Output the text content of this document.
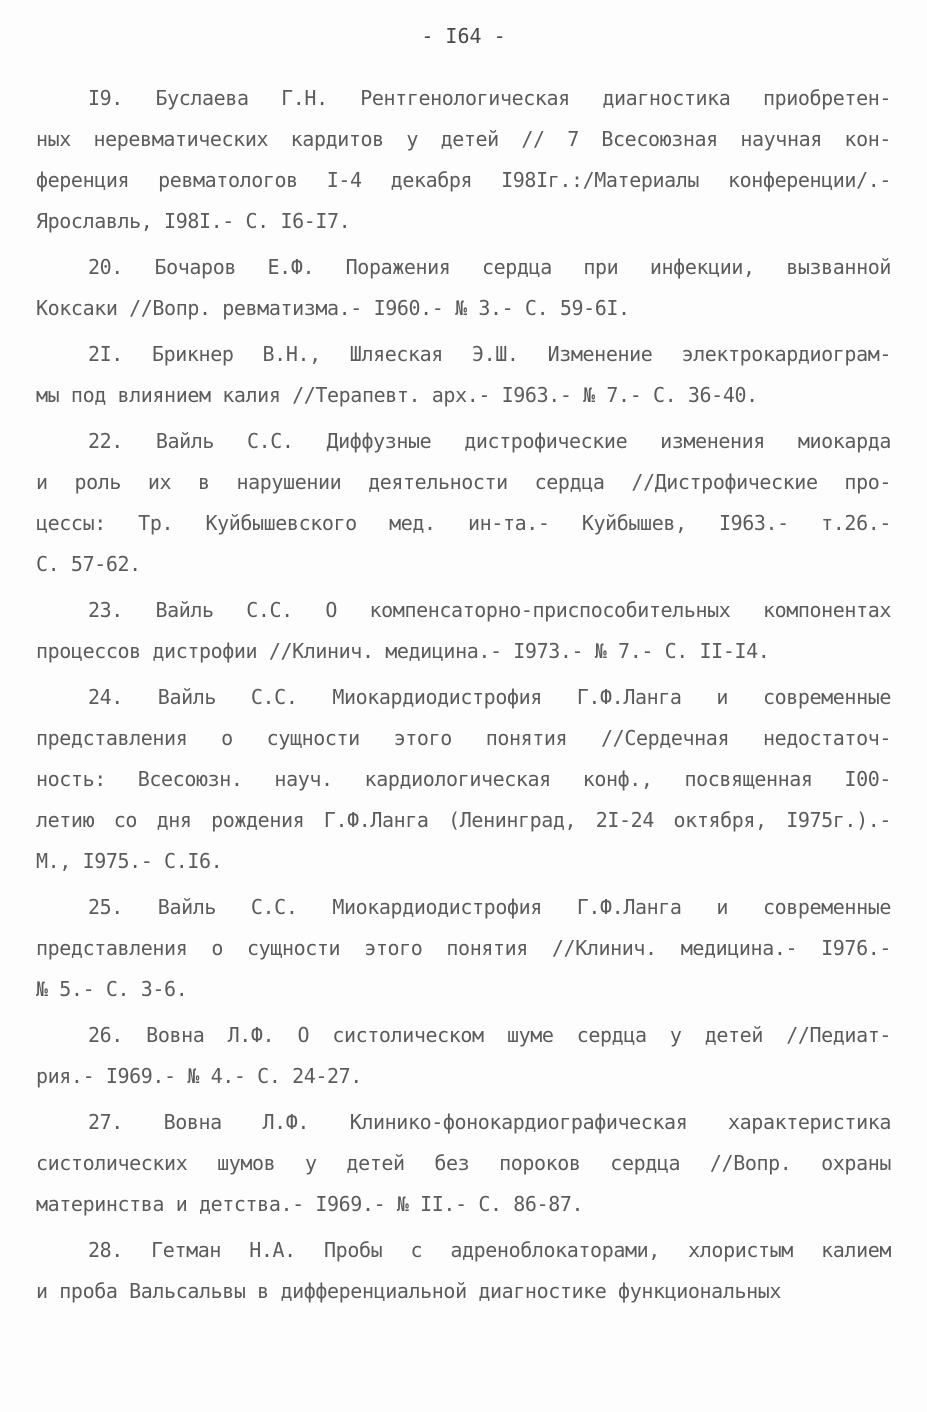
- I64 -
I9. Буслаева Г.Н. Рентгенологическая диагностика приобретен-
ных неревматических кардитов у детей // 7 Всесоюзная научная кон-
ференция ревматологов I-4 декабря I98Iг.:/Материалы конференции/.-
Ярославль, I98I.- С. I6-I7.
20. Бочаров Е.Ф. Поражения сердца при инфекции, вызванной
Коксаки //Вопр. ревматизма.- I960.- № 3.- С. 59-6I.
2I. Брикнер В.Н., Шляеская Э.Ш. Изменение электрокардиограм-
мы под влиянием калия //Терапевт. арх.- I963.- № 7.- С. 36-40.
22. Вайль С.С. Диффузные дистрофические изменения миокарда
и роль их в нарушении деятельности сердца //Дистрофические про-
цессы: Тр. Куйбышевского мед. ин-та.- Куйбышев, I963.- т.26.-
С. 57-62.
23. Вайль С.С. О компенсаторно-приспособительных компонентах
процессов дистрофии //Клинич. медицина.- I973.- № 7.- С. II-I4.
24. Вайль С.С. Миокардиодистрофия Г.Ф.Ланга и современные
представления о сущности этого понятия //Сердечная недостаточ-
ность: Всесоюзн. науч. кардиологическая конф., посвященная I00-
летию со дня рождения Г.Ф.Ланга (Ленинград, 2I-24 октября, I975г.).-
М., I975.- С.I6.
25. Вайль С.С. Миокардиодистрофия Г.Ф.Ланга и современные
представления о сущности этого понятия //Клинич. медицина.- I976.-
№ 5.- С. 3-6.
26. Вовна Л.Ф. О систолическом шуме сердца у детей //Педиат-
рия.- I969.- № 4.- С. 24-27.
27. Вовна Л.Ф. Клинико-фонокардиографическая характеристика
систолических шумов у детей без пороков сердца //Вопр. охраны
материнства и детства.- I969.- № II.- С. 86-87.
28. Гетман Н.А. Пробы с адреноблокаторами, хлористым калием
и проба Вальсальвы в дифференциальной диагностике функциональных
